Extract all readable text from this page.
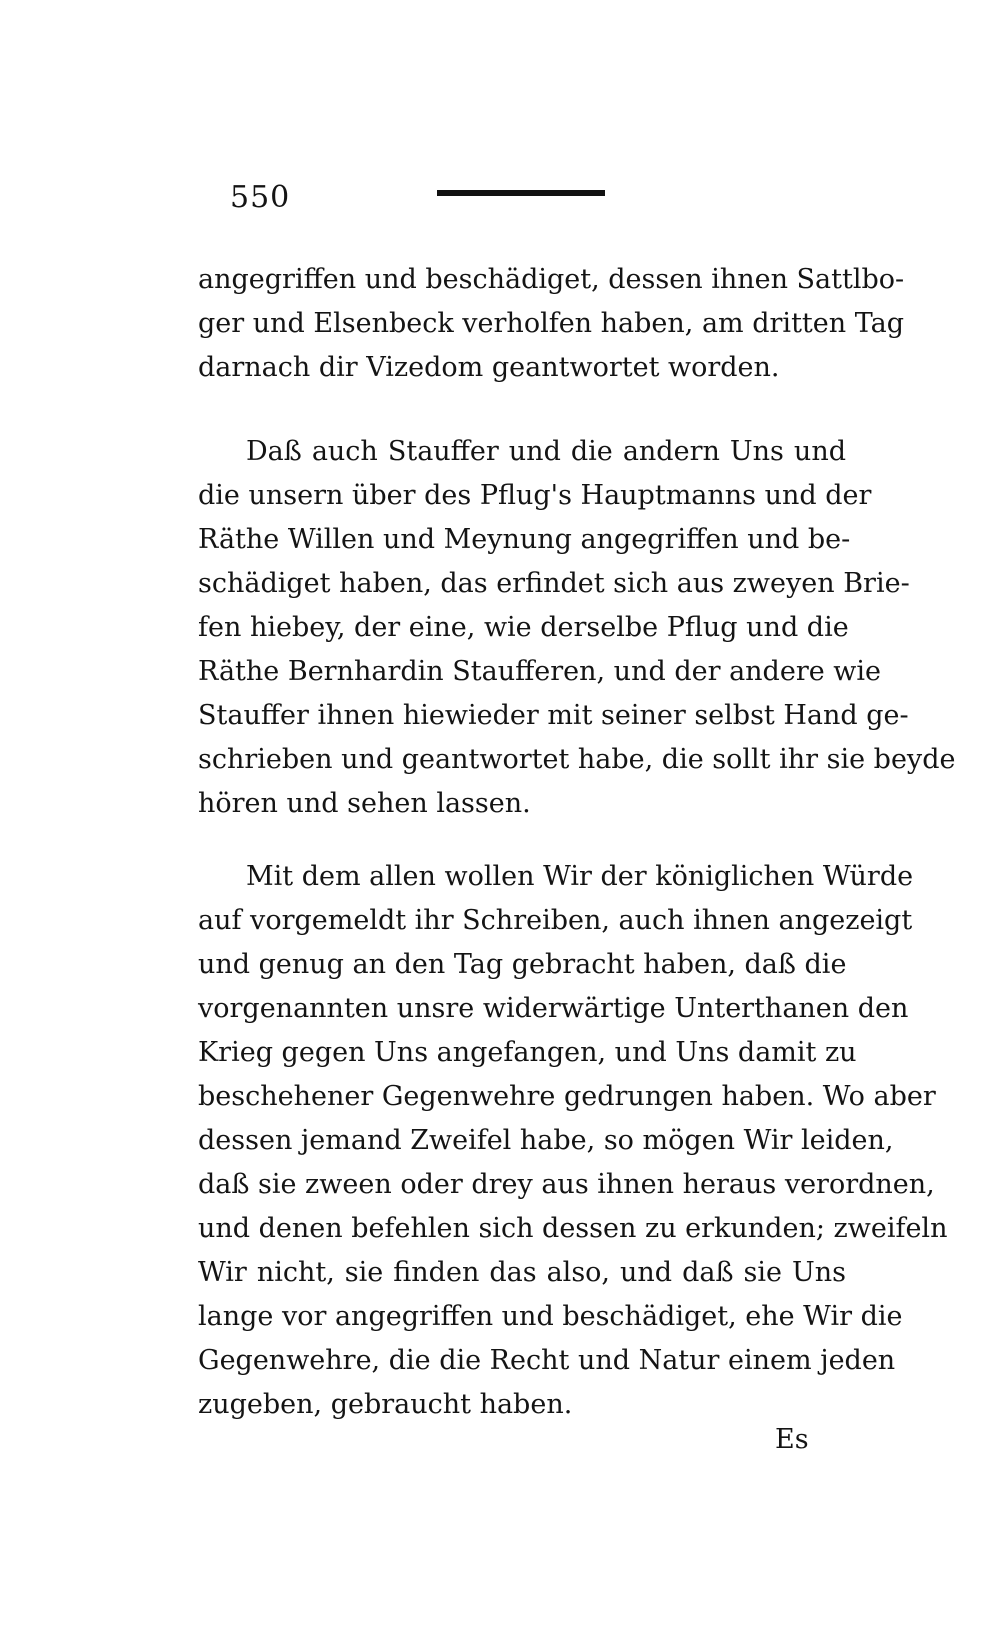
550
angegriffen und beschädiget, dessen ihnen Sattlbo-
ger und Elsenbeck verholfen haben, am dritten Tag
darnach dir Vizedom geantwortet worden.
Daß auch Stauffer und die andern Uns und
die unsern über des Pflug's Hauptmanns und der
Räthe Willen und Meynung angegriffen und be-
schädiget haben, das erfindet sich aus zweyen Brie-
fen hiebey, der eine, wie derselbe Pflug und die
Räthe Bernhardin Staufferen, und der andere wie
Stauffer ihnen hiewieder mit seiner selbst Hand ge-
schrieben und geantwortet habe, die sollt ihr sie beyde
hören und sehen lassen.
Mit dem allen wollen Wir der königlichen Würde
auf vorgemeldt ihr Schreiben, auch ihnen angezeigt
und genug an den Tag gebracht haben, daß die
vorgenannten unsre widerwärtige Unterthanen den
Krieg gegen Uns angefangen, und Uns damit zu
beschehener Gegenwehre gedrungen haben. Wo aber
dessen jemand Zweifel habe, so mögen Wir leiden,
daß sie zween oder drey aus ihnen heraus verordnen,
und denen befehlen sich dessen zu erkunden; zweifeln
Wir nicht, sie finden das also, und daß sie Uns
lange vor angegriffen und beschädiget, ehe Wir die
Gegenwehre, die die Recht und Natur einem jeden
zugeben, gebraucht haben.
Es
